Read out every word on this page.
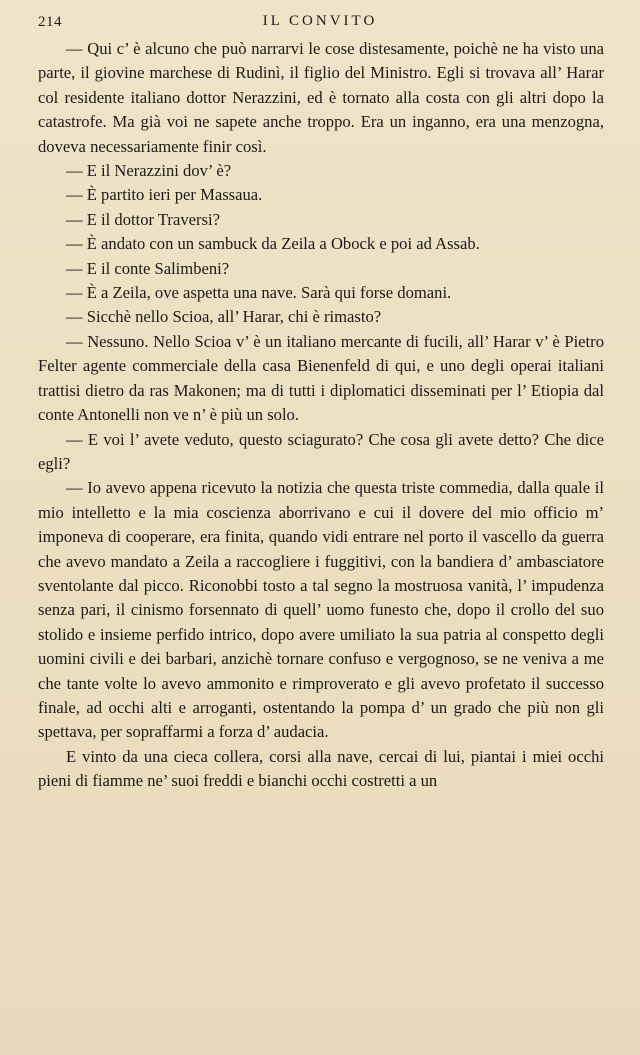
214	IL CONVITO

— Qui c’ è alcuno che può narrarvi le cose distesamente, poichè ne ha visto una parte, il giovine marchese di Rudinì, il figlio del Ministro. Egli si trovava all’ Harar col residente italiano dottor Nerazzini, ed è tornato alla costa con gli altri dopo la catastrofe. Ma già voi ne sapete anche troppo. Era un inganno, era una menzogna, doveva necessariamente finir così.

— E il Nerazzini dov’ è?

— È partito ieri per Massaua.

— E il dottor Traversi?

— È andato con un sambuck da Zeila a Obock e poi ad Assab.

— E il conte Salimbeni?

— È a Zeila, ove aspetta una nave. Sarà qui forse domani.

— Sicchè nello Scioa, all’ Harar, chi è rimasto?

— Nessuno. Nello Scioa v’ è un italiano mercante di fucili, all’ Harar v’ è Pietro Felter agente commerciale della casa Bienenfeld di qui, e uno degli operai italiani trattisi dietro da ras Makonen; ma di tutti i diplomatici disseminati per l’ Etiopia dal conte Antonelli non ve n’ è più un solo.

— E voi l’ avete veduto, questo sciagurato? Che cosa gli avete detto? Che dice egli?

— Io avevo appena ricevuto la notizia che questa triste commedia, dalla quale il mio intelletto e la mia coscienza aborrivano e cui il dovere del mio officio m’ imponeva di cooperare, era finita, quando vidi entrare nel porto il vascello da guerra che avevo mandato a Zeila a raccogliere i fuggitivi, con la bandiera d’ ambasciatore sventolante dal picco. Riconobbi tosto a tal segno la mostruosa vanità, l’ impudenza senza pari, il cinismo forsennato di quell’ uomo funesto che, dopo il crollo del suo stolido e insieme perfido intrico, dopo avere umiliato la sua patria al conspetto degli uomini civili e dei barbari, anzichè tornare confuso e vergognoso, se ne veniva a me che tante volte lo avevo ammonito e rimproverato e gli avevo profetato il successo finale, ad occhi alti e arroganti, ostentando la pompa d’ un grado che più non gli spettava, per sopraffarmi a forza d’ audacia.

E vinto da una cieca collera, corsi alla nave, cercai di lui, piantai i miei occhi pieni di fiamme ne’ suoi freddi e bianchi occhi costretti a un
